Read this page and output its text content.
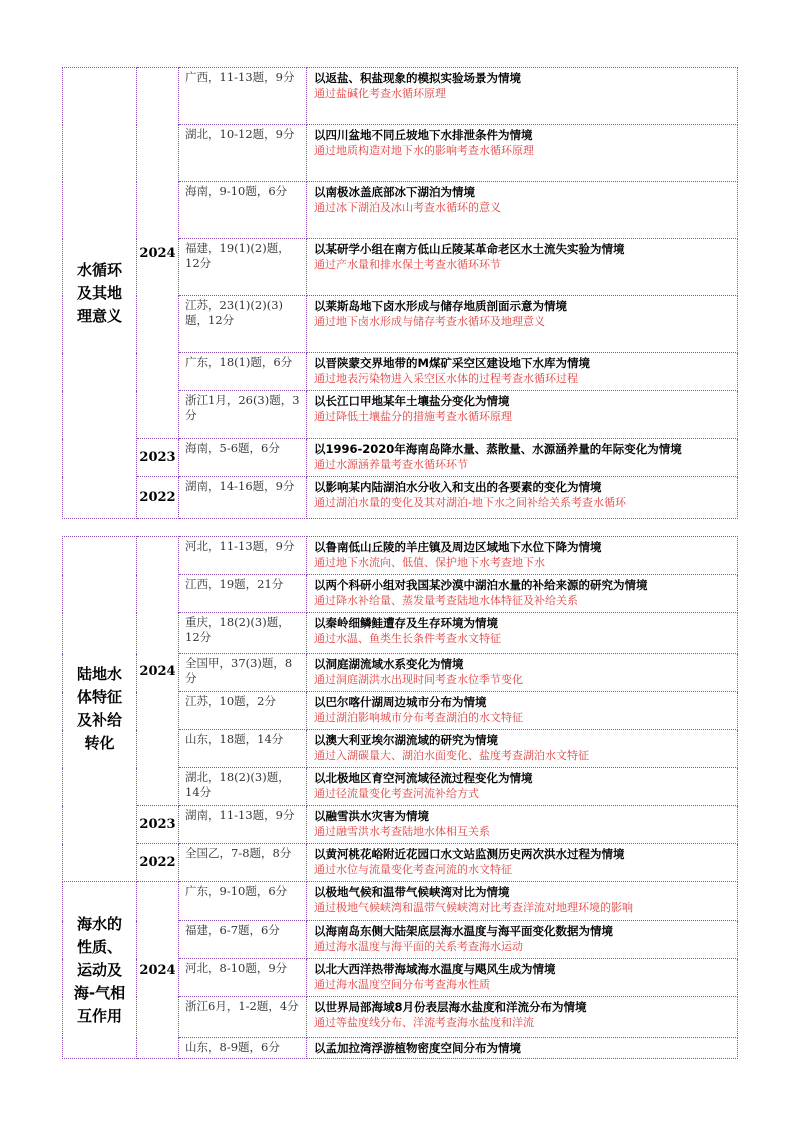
水循环及其地理意义	2024	广西，11-13题，9分	以返盐、积盐现象的模拟实验场景为情境
通过盐碱化考查水循环原理

		湖北，10-12题，9分	以四川盆地不同丘坡地下水排泄条件为情境
通过地质构造对地下水的影响考查水循环原理

		海南，9-10题，6分	以南极冰盖底部冰下湖泊为情境
通过冰下湖泊及冰山考查水循环的意义

		福建，19(1)(2)题，12分	以某研学小组在南方低山丘陵某革命老区水土流失实验为情境
通过产水量和排水保土考查水循环环节

		江苏，23(1)(2)(3)题，12分	以莱斯岛地下卤水形成与储存地质剖面示意为情境
通过地下卤水形成与储存考查水循环及地理意义

		广东，18(1)题，6分	以晋陕蒙交界地带的M煤矿采空区建设地下水库为情境
通过地表污染物进入采空区水体的过程考查水循环过程

		浙江1月，26(3)题，3分	以长江口甲地某年土壤盐分变化为情境
通过降低土壤盐分的措施考查水循环原理

	2023	海南，5-6题，6分	以1996-2020年海南岛降水量、蒸散量、水源涵养量的年际变化为情境
通过水源涵养量考查水循环环节

	2022	湖南，14-16题，9分	以影响某内陆湖泊水分收入和支出的各要素的变化为情境
通过湖泊水量的变化及其对湖泊-地下水之间补给关系考查水循环
陆地水体特征及补给转化	2024	河北，11-13题，9分	以鲁南低山丘陵的羊庄镇及周边区域地下水位下降为情境
通过地下水流向、低值、保护地下水考查地下水

		江西，19题，21分	以两个科研小组对我国某沙漠中湖泊水量的补给来源的研究为情境
通过降水补给量、蒸发量考查陆地水体特征及补给关系

		重庆，18(2)(3)题，12分	以秦岭细鳞鲑遭存及生存环境为情境
通过水温、鱼类生长条件考查水文特征

		全国甲，37(3)题，8分	以洞庭湖流域水系变化为情境
通过洞庭湖洪水出现时间考查水位季节变化

		江苏，10题，2分	以巴尔喀什湖周边城市分布为情境
通过湖泊影响城市分布考查湖泊的水文特征

		山东，18题，14分	以澳大利亚埃尔湖流域的研究为情境
通过入湖碳量大、湖泊水面变化、盐度考查湖泊水文特征

		湖北，18(2)(3)题，14分	以北极地区育空河流域径流过程变化为情境
通过径流量变化考查河流补给方式

	2023	湖南，11-13题，9分	以融雪洪水灾害为情境
通过融雪洪水考查陆地水体相互关系

	2022	全国乙，7-8题，8分	以黄河桃花峪附近花园口水文站监测历史两次洪水过程为情境
通过水位与流量变化考查河流的水文特征

海水的性质、运动及海-气相互作用	2024	广东，9-10题，6分	以极地气候和温带气候峡湾对比为情境
通过极地气候峡湾和温带气候峡湾对比考查洋流对地理环境的影响

		福建，6-7题，6分	以海南岛东侧大陆架底层海水温度与海平面变化数据为情境
通过海水温度与海平面的关系考查海水运动

		河北，8-10题，9分	以北大西洋热带海域海水温度与飓风生成为情境
通过海水温度空间分布考查海水性质

		浙江6月，1-2题，4分	以世界局部海域8月份表层海水盐度和洋流分布为情境
通过等盐度线分布、洋流考查海水盐度和洋流

		山东，8-9题，6分	以孟加拉湾浮游植物密度空间分布为情境
